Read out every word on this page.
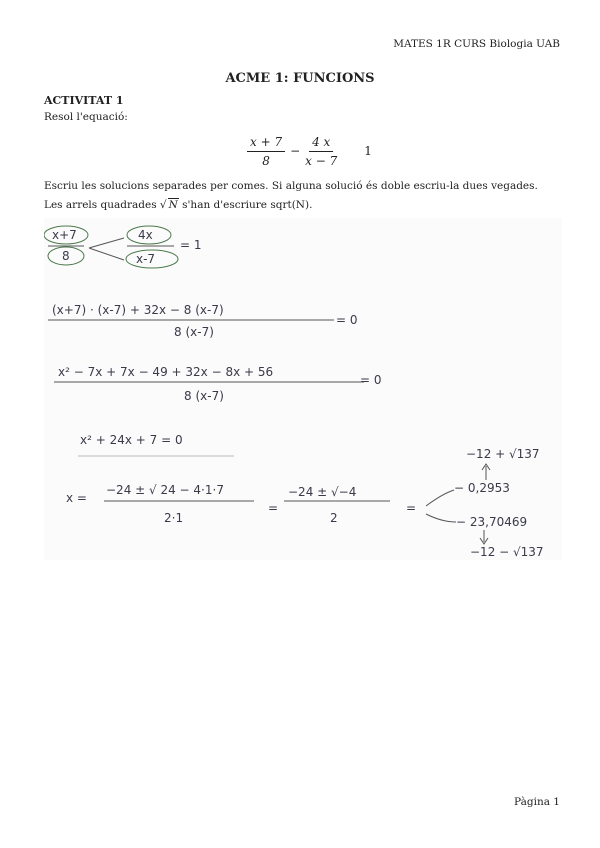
MATES 1R CURS Biologia UAB
ACME 1: FUNCIONS
ACTIVITAT 1
Resol l'equació:
$\frac{x + 7}{8} - \frac{4 x}{x - 7} 1$
Escriu les solucions separades per comes. Si alguna solució és doble escriu-la dues vegades. Les arrels quadrades √ N s'han d'escriure sqrt(N).
x+7
8
4x
x-7
= 1
(x+7) · (x-7) + 32x − 8 (x-7)
8 (x-7)
= 0
x² − 7x + 7x − 49 + 32x − 8x + 56
8 (x-7)
= 0
x² + 24x + 7 = 0
x =
−24 ± √ 24 − 4·1·7
2·1
=
−24 ± √−4
2
=
−12 + √137
− 0,2953
− 23,70469
−12 − √137
Pàgina 1
